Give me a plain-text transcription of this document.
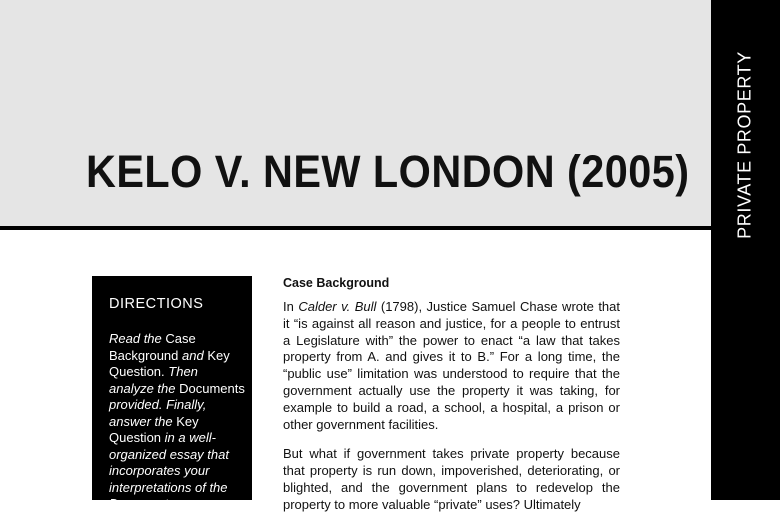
KELO V. NEW LONDON (2005)	PRIVATE PROPERTY
DIRECTIONS

Read the Case Background and Key Question. Then analyze the Documents provided. Finally, answer the Key Question in a well-organized essay that incorporates your interpretations of the Documents

Case Background

In Calder v. Bull (1798), Justice Samuel Chase wrote that it “is against all reason and justice, for a people to entrust a Legislature with” the power to enact “a law that takes property from A. and gives it to B.” For a long time, the “public use” limitation was understood to require that the government actually use the property it was taking, for example to build a road, a school, a hospital, a prison or other government facilities.

But what if government takes private property because that property is run down, impoverished, deteriorating, or blighted, and the government plans to redevelop the property to more valuable “private” uses? Ultimately
